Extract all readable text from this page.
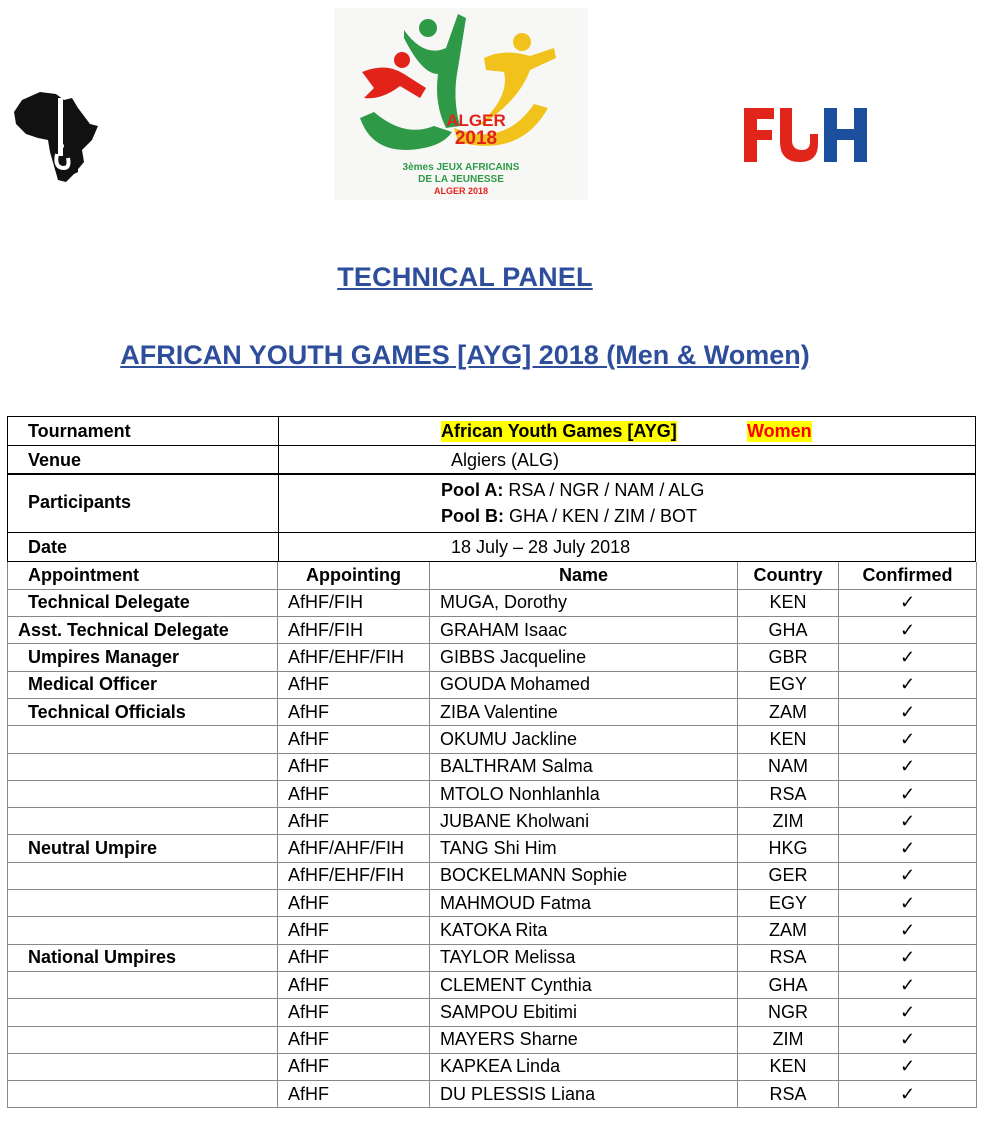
ALGER
2018
3èmes JEUX AFRICAINS
DE LA JEUNESSE
ALGER 2018
TECHNICAL PANEL
AFRICAN YOUTH GAMES [AYG] 2018 (Men & Women)
Tournament	African Youth Games [AYG]	Women
Venue	Algiers (ALG)
Participants
Pool A: RSA / NGR / NAM / ALG
Pool B: GHA / KEN / ZIM / BOT
Date	18 July – 28 July 2018
Appointment	Appointing	Name	Country	Confirmed
Technical Delegate	AfHF/FIH	MUGA, Dorothy	KEN	✓
Asst. Technical Delegate	AfHF/FIH	GRAHAM Isaac	GHA	✓
Umpires Manager	AfHF/EHF/FIH	GIBBS Jacqueline	GBR	✓
Medical Officer	AfHF	GOUDA Mohamed	EGY	✓
Technical Officials	AfHF	ZIBA Valentine	ZAM	✓
	AfHF	OKUMU Jackline	KEN	✓
	AfHF	BALTHRAM Salma	NAM	✓
	AfHF	MTOLO Nonhlanhla	RSA	✓
	AfHF	JUBANE Kholwani	ZIM	✓
Neutral Umpire	AfHF/AHF/FIH	TANG Shi Him	HKG	✓
	AfHF/EHF/FIH	BOCKELMANN Sophie	GER	✓
	AfHF	MAHMOUD Fatma	EGY	✓
	AfHF	KATOKA Rita	ZAM	✓
National Umpires	AfHF	TAYLOR Melissa	RSA	✓
	AfHF	CLEMENT Cynthia	GHA	✓
	AfHF	SAMPOU Ebitimi	NGR	✓
	AfHF	MAYERS Sharne	ZIM	✓
	AfHF	KAPKEA Linda	KEN	✓
	AfHF	DU PLESSIS Liana	RSA	✓
